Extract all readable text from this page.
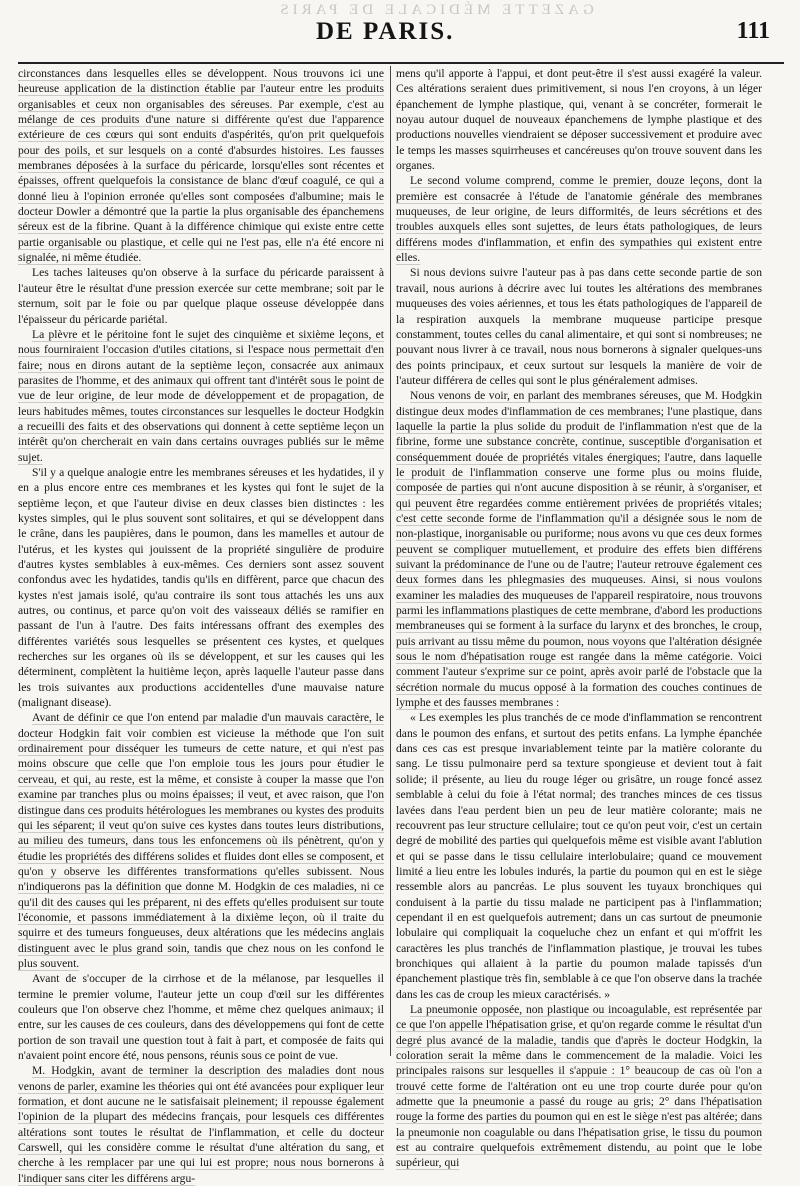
GAZETTE MÉDICALE DE PARIS
DE PARIS.	111

circonstances dans lesquelles elles se développent. Nous trouvons ici une heureuse application de la distinction établie par l'auteur entre les produits organisables et ceux non organisables des séreuses. Par exemple, c'est au mélange de ces produits d'une nature si différente qu'est due l'apparence extérieure de ces cœurs qui sont enduits d'aspérités, qu'on prit quelquefois pour des poils, et sur lesquels on a conté d'absurdes histoires. Les fausses membranes déposées à la surface du péricarde, lorsqu'elles sont récentes et épaisses, offrent quelquefois la consistance de blanc d'œuf coagulé, ce qui a donné lieu à l'opinion erronée qu'elles sont composées d'albumine; mais le docteur Dowler a démontré que la partie la plus organisable des épanchemens séreux est de la fibrine. Quant à la différence chimique qui existe entre cette partie organisable ou plastique, et celle qui ne l'est pas, elle n'a été encore ni signalée, ni même étudiée.

Les taches laiteuses qu'on observe à la surface du péricarde paraissent à l'auteur être le résultat d'une pression exercée sur cette membrane; soit par le sternum, soit par le foie ou par quelque plaque osseuse développée dans l'épaisseur du péricarde pariétal.

La plèvre et le péritoine font le sujet des cinquième et sixième leçons, et nous fourniraient l'occasion d'utiles citations, si l'espace nous permettait d'en faire; nous en dirons autant de la septième leçon, consacrée aux animaux parasites de l'homme, et des animaux qui offrent tant d'intérêt sous le point de vue de leur origine, de leur mode de développement et de propagation, de leurs habitudes mêmes, toutes circonstances sur lesquelles le docteur Hodgkin a recueilli des faits et des observations qui donnent à cette septième leçon un intérêt qu'on chercherait en vain dans certains ouvrages publiés sur le même sujet.

S'il y a quelque analogie entre les membranes séreuses et les hydatides, il y en a plus encore entre ces membranes et les kystes qui font le sujet de la septième leçon, et que l'auteur divise en deux classes bien distinctes : les kystes simples, qui le plus souvent sont solitaires, et qui se développent dans le crâne, dans les paupières, dans le poumon, dans les mamelles et autour de l'utérus, et les kystes qui jouissent de la propriété singulière de produire d'autres kystes semblables à eux-mêmes. Ces derniers sont assez souvent confondus avec les hydatides, tandis qu'ils en diffèrent, parce que chacun des kystes n'est jamais isolé, qu'au contraire ils sont tous attachés les uns aux autres, ou continus, et parce qu'on voit des vaisseaux déliés se ramifier en passant de l'un à l'autre. Des faits intéressans offrant des exemples des différentes variétés sous lesquelles se présentent ces kystes, et quelques recherches sur les organes où ils se développent, et sur les causes qui les déterminent, complètent la huitième leçon, après laquelle l'auteur passe dans les trois suivantes aux productions accidentelles d'une mauvaise nature (malignant disease).

Avant de définir ce que l'on entend par maladie d'un mauvais caractère, le docteur Hodgkin fait voir combien est vicieuse la méthode que l'on suit ordinairement pour disséquer les tumeurs de cette nature, et qui n'est pas moins obscure que celle que l'on emploie tous les jours pour étudier le cerveau, et qui, au reste, est la même, et consiste à couper la masse que l'on examine par tranches plus ou moins épaisses; il veut, et avec raison, que l'on distingue dans ces produits hétérologues les membranes ou kystes des produits qui les séparent; il veut qu'on suive ces kystes dans toutes leurs distributions, au milieu des tumeurs, dans tous les enfoncemens où ils pénètrent, qu'on y étudie les propriétés des différens solides et fluides dont elles se composent, et qu'on y observe les différentes transformations qu'elles subissent. Nous n'indiquerons pas la définition que donne M. Hodgkin de ces maladies, ni ce qu'il dit des causes qui les préparent, ni des effets qu'elles produisent sur toute l'économie, et passons immédiatement à la dixième leçon, où il traite du squirre et des tumeurs fongueuses, deux altérations que les médecins anglais distinguent avec le plus grand soin, tandis que chez nous on les confond le plus souvent.

Avant de s'occuper de la cirrhose et de la mélanose, par lesquelles il termine le premier volume, l'auteur jette un coup d'œil sur les différentes couleurs que l'on observe chez l'homme, et même chez quelques animaux; il entre, sur les causes de ces couleurs, dans des développemens qui font de cette portion de son travail une question tout à fait à part, et composée de faits qui n'avaient point encore été, nous pensons, réunis sous ce point de vue.

M. Hodgkin, avant de terminer la description des maladies dont nous venons de parler, examine les théories qui ont été avancées pour expliquer leur formation, et dont aucune ne le satisfaisait pleinement; il repousse également l'opinion de la plupart des médecins français, pour lesquels ces différentes altérations sont toutes le résultat de l'inflammation, et celle du docteur Carswell, qui les considère comme le résultat d'une altération du sang, et cherche à les remplacer par une qui lui est propre; nous nous bornerons à l'indiquer sans citer les différens argu-

mens qu'il apporte à l'appui, et dont peut-être il s'est aussi exagéré la valeur. Ces altérations seraient dues primitivement, si nous l'en croyons, à un léger épanchement de lymphe plastique, qui, venant à se concréter, formerait le noyau autour duquel de nouveaux épanchemens de lymphe plastique et des productions nouvelles viendraient se déposer successivement et produire avec le temps les masses squirrheuses et cancéreuses qu'on trouve souvent dans les organes.

Le second volume comprend, comme le premier, douze leçons, dont la première est consacrée à l'étude de l'anatomie générale des membranes muqueuses, de leur origine, de leurs difformités, de leurs sécrétions et des troubles auxquels elles sont sujettes, de leurs états pathologiques, de leurs différens modes d'inflammation, et enfin des sympathies qui existent entre elles.

Si nous devions suivre l'auteur pas à pas dans cette seconde partie de son travail, nous aurions à décrire avec lui toutes les altérations des membranes muqueuses des voies aériennes, et tous les états pathologiques de l'appareil de la respiration auxquels la membrane muqueuse participe presque constamment, toutes celles du canal alimentaire, et qui sont si nombreuses; ne pouvant nous livrer à ce travail, nous nous bornerons à signaler quelques-uns des points principaux, et ceux surtout sur lesquels la manière de voir de l'auteur différera de celles qui sont le plus généralement admises.

Nous venons de voir, en parlant des membranes séreuses, que M. Hodgkin distingue deux modes d'inflammation de ces membranes; l'une plastique, dans laquelle la partie la plus solide du produit de l'inflammation n'est que de la fibrine, forme une substance concrète, continue, susceptible d'organisation et conséquemment douée de propriétés vitales énergiques; l'autre, dans laquelle le produit de l'inflammation conserve une forme plus ou moins fluide, composée de parties qui n'ont aucune disposition à se réunir, à s'organiser, et qui peuvent être regardées comme entièrement privées de propriétés vitales; c'est cette seconde forme de l'inflammation qu'il a désignée sous le nom de non-plastique, inorganisable ou puriforme; nous avons vu que ces deux formes peuvent se compliquer mutuellement, et produire des effets bien différens suivant la prédominance de l'une ou de l'autre; l'auteur retrouve également ces deux formes dans les phlegmasies des muqueuses. Ainsi, si nous voulons examiner les maladies des muqueuses de l'appareil respiratoire, nous trouvons parmi les inflammations plastiques de cette membrane, d'abord les productions membraneuses qui se forment à la surface du larynx et des bronches, le croup, puis arrivant au tissu même du poumon, nous voyons que l'altération désignée sous le nom d'hépatisation rouge est rangée dans la même catégorie. Voici comment l'auteur s'exprime sur ce point, après avoir parlé de l'obstacle que la sécrétion normale du mucus opposé à la formation des couches continues de lymphe et des fausses membranes :

« Les exemples les plus tranchés de ce mode d'inflammation se rencontrent dans le poumon des enfans, et surtout des petits enfans. La lymphe épanchée dans ces cas est presque invariablement teinte par la matière colorante du sang. Le tissu pulmonaire perd sa texture spongieuse et devient tout à fait solide; il présente, au lieu du rouge léger ou grisâtre, un rouge foncé assez semblable à celui du foie à l'état normal; des tranches minces de ces tissus lavées dans l'eau perdent bien un peu de leur matière colorante; mais ne recouvrent pas leur structure cellulaire; tout ce qu'on peut voir, c'est un certain degré de mobilité des parties qui quelquefois même est visible avant l'ablution et qui se passe dans le tissu cellulaire interlobulaire; quand ce mouvement limité a lieu entre les lobules indurés, la partie du poumon qui en est le siège ressemble alors au pancréas. Le plus souvent les tuyaux bronchiques qui conduisent à la partie du tissu malade ne participent pas à l'inflammation; cependant il en est quelquefois autrement; dans un cas surtout de pneumonie lobulaire qui compliquait la coqueluche chez un enfant et qui m'offrit les caractères les plus tranchés de l'inflammation plastique, je trouvai les tubes bronchiques qui allaient à la partie du poumon malade tapissés d'un épanchement plastique très fin, semblable à ce que l'on observe dans la trachée dans les cas de croup les mieux caractérisés. »

La pneumonie opposée, non plastique ou incoagulable, est représentée par ce que l'on appelle l'hépatisation grise, et qu'on regarde comme le résultat d'un degré plus avancé de la maladie, tandis que d'après le docteur Hodgkin, la coloration serait la même dans le commencement de la maladie. Voici les principales raisons sur lesquelles il s'appuie : 1° beaucoup de cas où l'on a trouvé cette forme de l'altération ont eu une trop courte durée pour qu'on admette que la pneumonie a passé du rouge au gris; 2° dans l'hépatisation rouge la forme des parties du poumon qui en est le siège n'est pas altérée; dans la pneumonie non coagulable ou dans l'hépatisation grise, le tissu du poumon est au contraire quelquefois extrêmement distendu, au point que le lobe supérieur, qui
